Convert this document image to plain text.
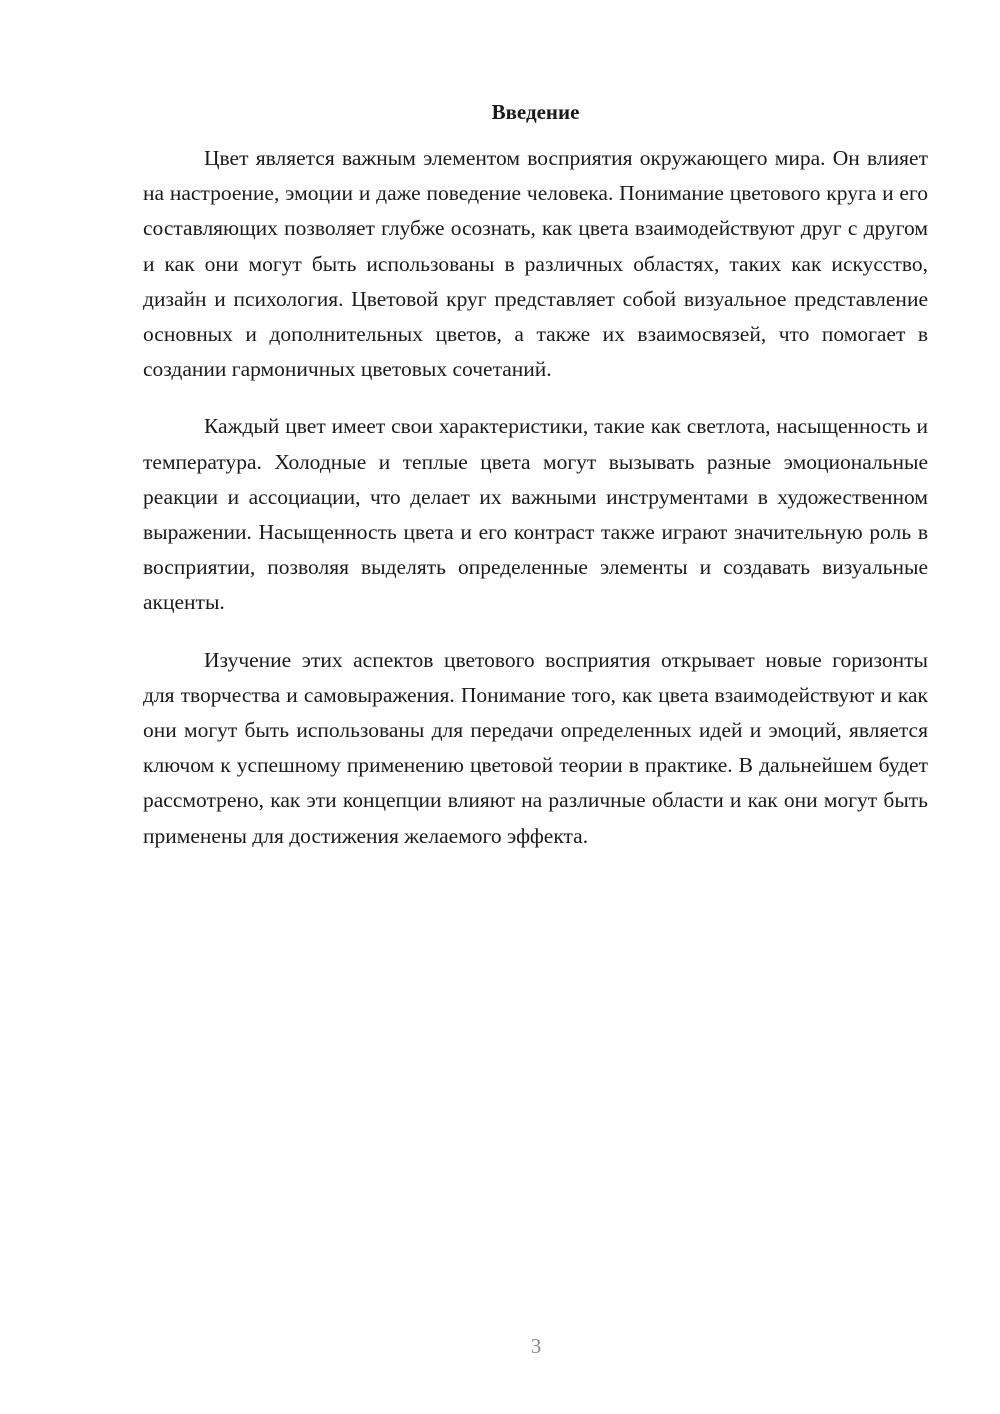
Введение

Цвет является важным элементом восприятия окружающего мира. Он влияет на настроение, эмоции и даже поведение человека. Понимание цветового круга и его составляющих позволяет глубже осознать, как цвета взаимодействуют друг с другом и как они могут быть использованы в различных областях, таких как искусство, дизайн и психология. Цветовой круг представляет собой визуальное представление основных и дополнительных цветов, а также их взаимосвязей, что помогает в создании гармоничных цветовых сочетаний.

Каждый цвет имеет свои характеристики, такие как светлота, насыщенность и температура. Холодные и теплые цвета могут вызывать разные эмоциональные реакции и ассоциации, что делает их важными инструментами в художественном выражении. Насыщенность цвета и его контраст также играют значительную роль в восприятии, позволяя выделять определенные элементы и создавать визуальные акценты.

Изучение этих аспектов цветового восприятия открывает новые горизонты для творчества и самовыражения. Понимание того, как цвета взаимодействуют и как они могут быть использованы для передачи определенных идей и эмоций, является ключом к успешному применению цветовой теории в практике. В дальнейшем будет рассмотрено, как эти концепции влияют на различные области и как они могут быть применены для достижения желаемого эффекта.

3
